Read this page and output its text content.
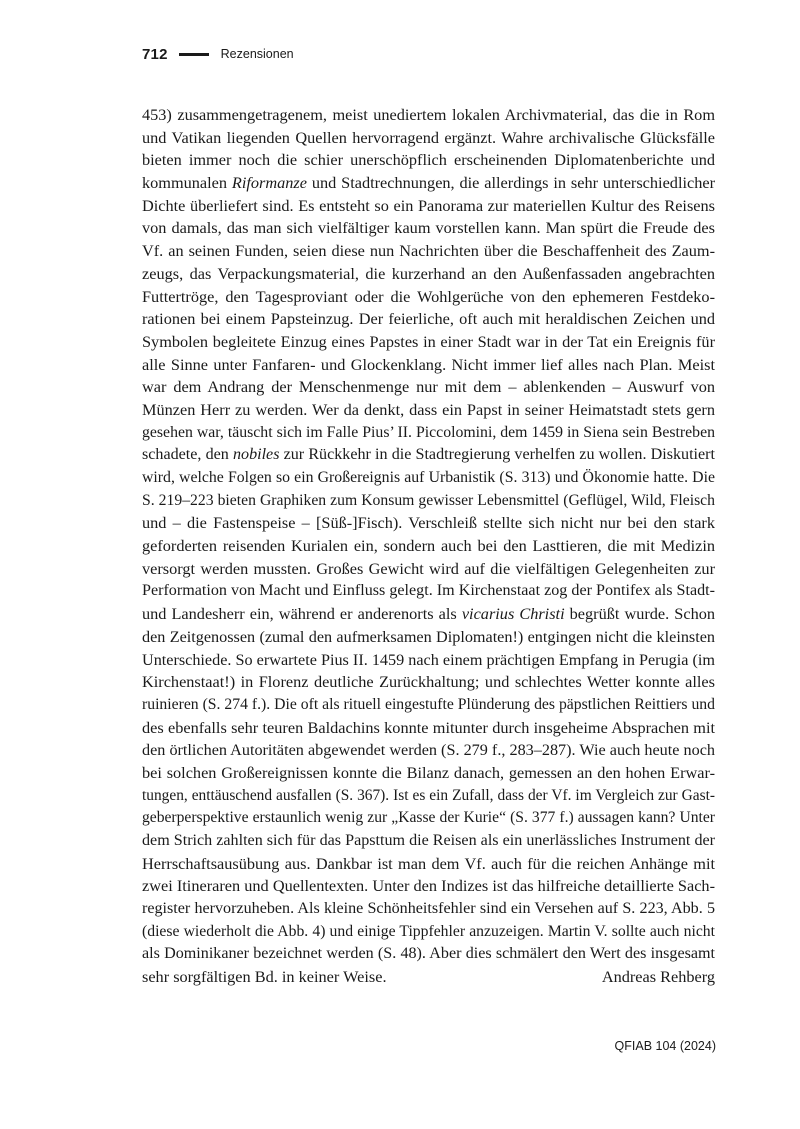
712	Rezensionen
453) zusammengetragenem, meist unediertem lokalen Archivmaterial, das die in Rom
und Vatikan liegenden Quellen hervorragend ergänzt. Wahre archivalische Glücksfälle
bieten immer noch die schier unerschöpflich erscheinenden Diplomatenberichte und
kommunalen Riformanze und Stadtrechnungen, die allerdings in sehr unterschiedlicher
Dichte überliefert sind. Es entsteht so ein Panorama zur materiellen Kultur des Reisens
von damals, das man sich vielfältiger kaum vorstellen kann. Man spürt die Freude des
Vf. an seinen Funden, seien diese nun Nachrichten über die Beschaffenheit des Zaum-
zeugs, das Verpackungsmaterial, die kurzerhand an den Außenfassaden angebrachten
Futtertröge, den Tagesproviant oder die Wohlgerüche von den ephemeren Festdeko-
rationen bei einem Papsteinzug. Der feierliche, oft auch mit heraldischen Zeichen und
Symbolen begleitete Einzug eines Papstes in einer Stadt war in der Tat ein Ereignis für
alle Sinne unter Fanfaren- und Glockenklang. Nicht immer lief alles nach Plan. Meist
war dem Andrang der Menschenmenge nur mit dem – ablenkenden – Auswurf von
Münzen Herr zu werden. Wer da denkt, dass ein Papst in seiner Heimatstadt stets gern
gesehen war, täuscht sich im Falle Pius’ II. Piccolomini, dem 1459 in Siena sein Bestreben
schadete, den nobiles zur Rückkehr in die Stadtregierung verhelfen zu wollen. Diskutiert
wird, welche Folgen so ein Großereignis auf Urbanistik (S. 313) und Ökonomie hatte. Die
S. 219–223 bieten Graphiken zum Konsum gewisser Lebensmittel (Geflügel, Wild, Fleisch
und – die Fastenspeise – [Süß-]Fisch). Verschleiß stellte sich nicht nur bei den stark
geforderten reisenden Kurialen ein, sondern auch bei den Lasttieren, die mit Medizin
versorgt werden mussten. Großes Gewicht wird auf die vielfältigen Gelegenheiten zur
Performation von Macht und Einfluss gelegt. Im Kirchenstaat zog der Pontifex als Stadt-
und Landesherr ein, während er anderenorts als vicarius Christi begrüßt wurde. Schon
den Zeitgenossen (zumal den aufmerksamen Diplomaten!) entgingen nicht die kleinsten
Unterschiede. So erwartete Pius II. 1459 nach einem prächtigen Empfang in Perugia (im
Kirchenstaat!) in Florenz deutliche Zurückhaltung; und schlechtes Wetter konnte alles
ruinieren (S. 274 f.). Die oft als rituell eingestufte Plünderung des päpstlichen Reittiers und
des ebenfalls sehr teuren Baldachins konnte mitunter durch insgeheime Absprachen mit
den örtlichen Autoritäten abgewendet werden (S. 279 f., 283–287). Wie auch heute noch
bei solchen Großereignissen konnte die Bilanz danach, gemessen an den hohen Erwar-
tungen, enttäuschend ausfallen (S. 367). Ist es ein Zufall, dass der Vf. im Vergleich zur Gast-
geberperspektive erstaunlich wenig zur „Kasse der Kurie“ (S. 377 f.) aussagen kann? Unter
dem Strich zahlten sich für das Papsttum die Reisen als ein unerlässliches Instrument der
Herrschaftsausübung aus. Dankbar ist man dem Vf. auch für die reichen Anhänge mit
zwei Itineraren und Quellentexten. Unter den Indizes ist das hilfreiche detaillierte Sach-
register hervorzuheben. Als kleine Schönheitsfehler sind ein Versehen auf S. 223, Abb. 5
(diese wiederholt die Abb. 4) und einige Tippfehler anzuzeigen. Martin V. sollte auch nicht
als Dominikaner bezeichnet werden (S. 48). Aber dies schmälert den Wert des insgesamt
sehr sorgfältigen Bd. in keiner Weise.	Andreas Rehberg
QFIAB 104 (2024)
